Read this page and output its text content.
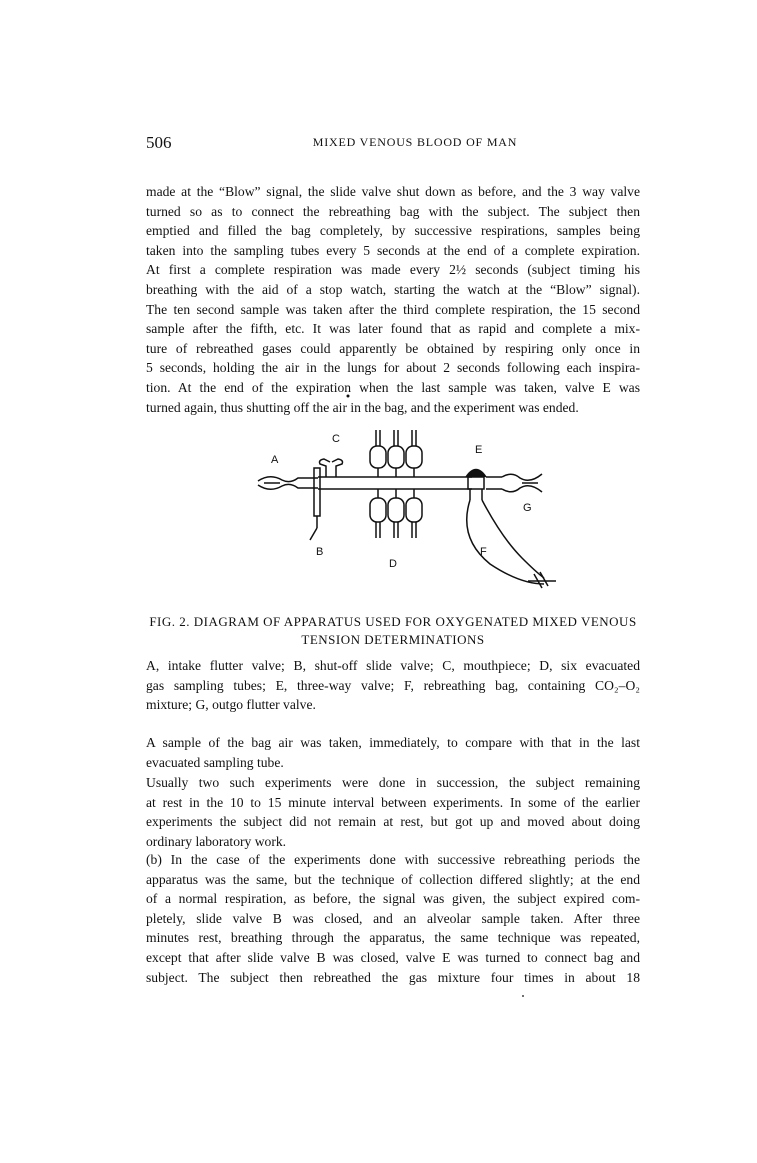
506	MIXED VENOUS BLOOD OF MAN
made at the “Blow” signal, the slide valve shut down as before, and the 3 way valve
turned so as to connect the rebreathing bag with the subject. The subject then
emptied and filled the bag completely, by successive respirations, samples being
taken into the sampling tubes every 5 seconds at the end of a complete expiration.
At first a complete respiration was made every 2½ seconds (subject timing his
breathing with the aid of a stop watch, starting the watch at the “Blow” signal).
The ten second sample was taken after the third complete respiration, the 15 second
sample after the fifth, etc. It was later found that as rapid and complete a mix-
ture of rebreathed gases could apparently be obtained by respiring only once in
5 seconds, holding the air in the lungs for about 2 seconds following each inspira-
tion. At the end of the expiration when the last sample was taken, valve E was
turned again, thus shutting off the air in the bag, and the experiment was ended.
A
B
C
D
E
F
G
FIG. 2. DIAGRAM OF APPARATUS USED FOR OXYGENATED MIXED VENOUS
TENSION DETERMINATIONS
A, intake flutter valve; B, shut-off slide valve; C, mouthpiece; D, six evacuated
gas sampling tubes; E, three-way valve; F, rebreathing bag, containing CO₂–O₂
mixture; G, outgo flutter valve.
A sample of the bag air was taken, immediately, to compare with that in the last
evacuated sampling tube.
Usually two such experiments were done in succession, the subject remaining
at rest in the 10 to 15 minute interval between experiments. In some of the earlier
experiments the subject did not remain at rest, but got up and moved about doing
ordinary laboratory work.
(b) In the case of the experiments done with successive rebreathing periods the
apparatus was the same, but the technique of collection differed slightly; at the end
of a normal respiration, as before, the signal was given, the subject expired com-
pletely, slide valve B was closed, and an alveolar sample taken. After three
minutes rest, breathing through the apparatus, the same technique was repeated,
except that after slide valve B was closed, valve E was turned to connect bag and
subject. The subject then rebreathed the gas mixture four times in about 18
